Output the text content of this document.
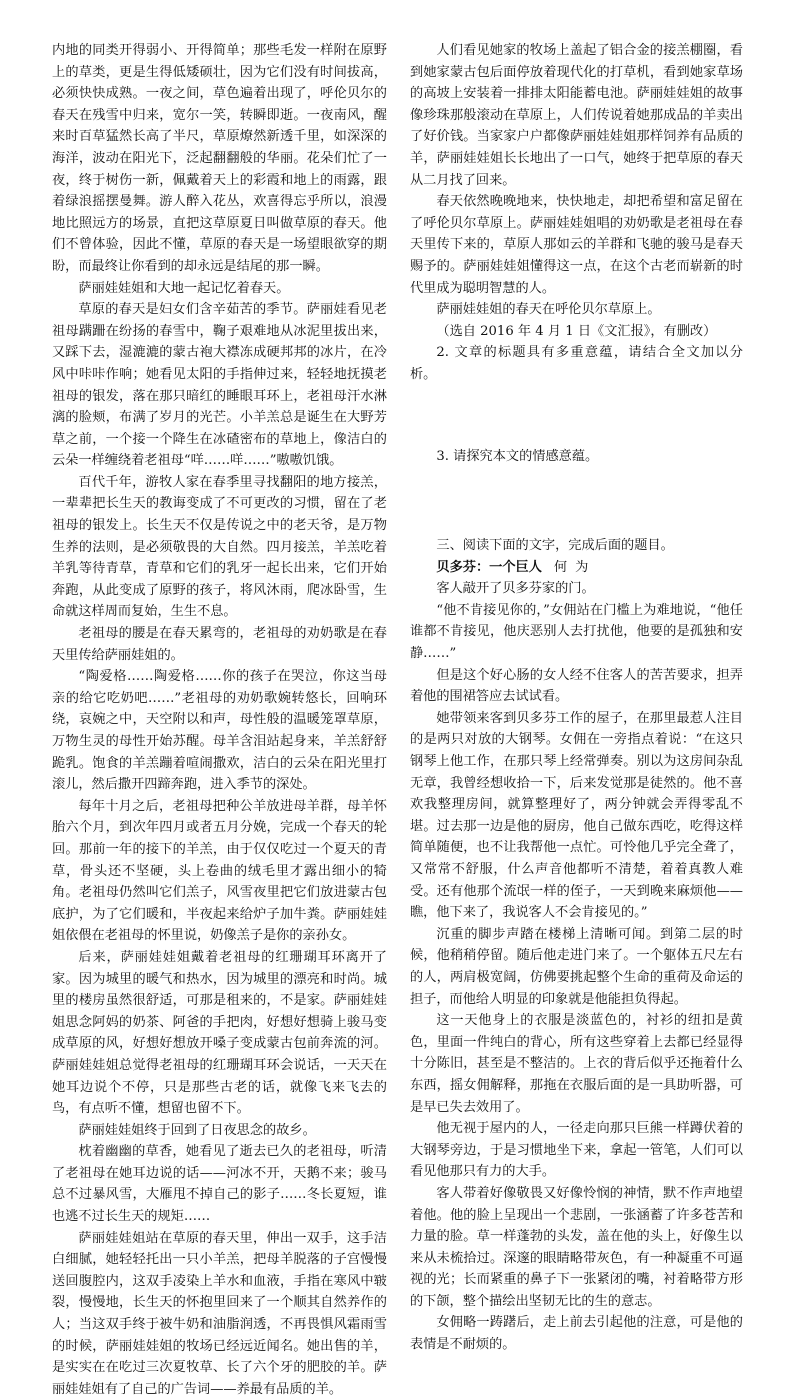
内地的同类开得弱小、开得简单；那些毛发一样附在原野上的草类，更是生得低矮硕壮，因为它们没有时间拔高，必须快快成熟。一夜之间，草色遍着出现了，呼伦贝尔的春天在残雪中归来，宽尔一笑，转瞬即逝。一夜南风，醒来时百草猛然长高了半尺，草原燎然新透千里，如深深的海洋，波动在阳光下，泛起翻翻般的华丽。花朵们忙了一夜，终于树伤一新，佩戴着天上的彩霞和地上的雨露，跟着绿浪摇摆曼舞。游人醉入花丛，欢喜得忘乎所以，浪漫地比照远方的场景，直把这草原夏日叫做草原的春天。他们不曾体验，因此不懂，草原的春天是一场望眼欲穿的期盼，而最终让你看到的却永远是结尾的那一瞬。

萨丽娃娃姐和大地一起记忆着春天。

草原的春天是妇女们含辛茹苦的季节。萨丽娃看见老祖母蹒跚在纷扬的春雪中，鞠子艰难地从冰泥里拔出来，又踩下去，湿漉漉的蒙古袍大襟冻成硬邦邦的冰片，在冷风中咔咔作响；她看见太阳的手指伸过来，轻轻地抚摸老祖母的银发，落在那只暗红的睡眼耳环上，老祖母汗水淋漓的脸颊，布满了岁月的光芒。小羊羔总是诞生在大野芳草之前，一个接一个降生在冰碴密布的草地上，像洁白的云朵一样缠绕着老祖母“咩……咩……”嗷嗷饥饿。

百代千年，游牧人家在春季里寻找翻阳的地方接羔，一辈辈把长生天的教诲变成了不可更改的习惯，留在了老祖母的银发上。长生天不仅是传说之中的老天爷，是万物生养的法则，是必须敬畏的大自然。四月接羔，羊羔吃着羊乳等待青草，青草和它们的乳牙一起长出来，它们开始奔跑，从此变成了原野的孩子，将风沐雨，爬冰卧雪，生命就这样周而复始，生生不息。

老祖母的腰是在春天累弯的，老祖母的劝奶歌是在春天里传给萨丽娃姐的。

“陶爱格……陶爱格……你的孩子在哭泣，你这当母亲的给它吃奶吧……”老祖母的劝奶歌婉转悠长，回响环绕，哀婉之中，天空附以和声，母性般的温暖笼罩草原，万物生灵的母性开始苏醒。母羊含泪站起身来，羊羔舒舒跪乳。饱食的羊羔蹦着喧闹撒欢，洁白的云朵在阳光里打滚儿，然后撒开四蹄奔跑，进入季节的深处。

每年十月之后，老祖母把种公羊放进母羊群，母羊怀胎六个月，到次年四月或者五月分娩，完成一个春天的轮回。那前一年的接下的羊羔，由于仅仅吃过一个夏天的青草，骨头还不坚硬，头上卷曲的绒毛里才露出细小的犄角。老祖母仍然叫它们羔子，风雪夜里把它们放进蒙古包底护，为了它们暖和，半夜起来给炉子加牛粪。萨丽娃娃姐依偎在老祖母的怀里说，奶像羔子是你的亲孙女。

后来，萨丽娃娃姐戴着老祖母的红珊瑚耳环离开了家。因为城里的暖气和热水，因为城里的漂亮和时尚。城里的楼房虽然很舒适，可那是租来的，不是家。萨丽娃娃姐思念阿妈的奶茶、阿爸的手把肉，好想好想骑上骏马变成草原的风，好想好想放开嗓子变成蒙古包前奔流的河。萨丽娃娃姐总觉得老祖母的红珊瑚耳环会说话，一天天在她耳边说个不停，只是那些古老的话，就像飞来飞去的鸟，有点听不懂，想留也留不下。

萨丽娃娃姐终于回到了日夜思念的故乡。

枕着幽幽的草香，她看见了逝去已久的老祖母，听清了老祖母在她耳边说的话——河冰不开，天鹅不来；骏马总不过暴风雪，大雁甩不掉自己的影子……冬长夏短，谁也逃不过长生天的规矩……

萨丽娃娃姐站在草原的春天里，伸出一双手，这手洁白细腻，她轻轻托出一只小羊羔，把母羊脱落的子宫慢慢送回腹腔内，这双手凌染上羊水和血液，手指在寒风中皲裂，慢慢地，长生天的怀抱里回来了一个顺其自然养作的人；当这双手终于被牛奶和油脂润透，不再畏惧风霜雨雪的时候，萨丽娃娃姐的牧场已经远近闻名。她出售的羊，是实实在在吃过三次夏牧草、长了六个牙的肥胶的羊。萨丽娃娃姐有了自己的广告词——养最有品质的羊。

人们看见她家的牧场上盖起了铝合金的接羔棚圈，看到她家蒙古包后面停放着现代化的打草机，看到她家草场的高坡上安装着一排排太阳能蓄电池。萨丽娃娃姐的故事像珍珠那般滚动在草原上，人们传说着她那成品的羊卖出了好价钱。当家家户户都像萨丽娃娃姐那样饲养有品质的羊，萨丽娃娃姐长长地出了一口气，她终于把草原的春天从二月找了回来。

春天依然晚晚地来，快快地走，却把希望和富足留在了呼伦贝尔草原上。萨丽娃娃姐唱的劝奶歌是老祖母在春天里传下来的，草原人那如云的羊群和飞驰的骏马是春天赐予的。萨丽娃娃姐懂得这一点，在这个古老而崭新的时代里成为聪明智慧的人。

萨丽娃娃姐的春天在呼伦贝尔草原上。

（选自 2016 年 4 月 1 日《文汇报》，有删改）

2. 文章的标题具有多重意蕴，请结合全文加以分析。

3. 请探究本文的情感意蕴。

三、阅读下面的文字，完成后面的题目。

贝多芬：一个巨人 何为

客人敲开了贝多芬家的门。

“他不肯接见你的，”女佣站在门槛上为难地说，“他任谁都不肯接见，他庆恶别人去打扰他，他要的是孤独和安静……”

但是这个好心肠的女人经不住客人的苦苦要求，担弄着他的围裙答应去试试看。

她带领来客到贝多芬工作的屋子，在那里最惹人注目的是两只对放的大钢琴。女佣在一旁指点着说：“在这只钢琴上他工作，在那只琴上经常弹奏。别以为这房间杂乱无章，我曾经想收拾一下，后来发觉那是徒然的。他不喜欢我整理房间，就算整理好了，两分钟就会弄得零乱不堪。过去那一边是他的厨房，他自己做东西吃，吃得这样简单随便，也不让我帮他一点忙。可怜他几乎完全聋了，又常常不舒服，什么声音他都听不清楚，着着真教人难受。还有他那个流氓一样的侄子，一天到晚来麻烦他——瞧，他下来了，我说客人不会肯接见的。”

沉重的脚步声踏在楼梯上清晰可闻。到第二层的时候，他稍稍停留。随后他走进门来了。一个躯体五尺左右的人，两肩极宽阔，仿佛要挑起整个生命的重荷及命运的担子，而他给人明显的印象就是他能担负得起。

这一天他身上的衣服是淡蓝色的，衬衫的纽扣是黄色，里面一件纯白的背心，所有这些穿着上去都已经显得十分陈旧，甚至是不整洁的。上衣的背后似乎还拖着什么东西，摇女佣解释，那拖在衣服后面的是一具助听器，可是早已失去效用了。

他无视于屋内的人，一径走向那只巨熊一样蹲伏着的大钢琴旁边，于是习惯地坐下来，拿起一管笔，人们可以看见他那只有力的大手。

客人带着好像敬畏又好像怜悯的神情，默不作声地望着他。他的脸上呈现出一个悲剧，一张涵蓄了许多苍苦和力量的脸。草一样蓬勃的头发，盖在他的头上，好像生以来从未梳拾过。深邃的眼睛略带灰色，有一种凝重不可逼视的光；长而紧重的鼻子下一张紧闭的嘴，衬着略带方形的下颌，整个描绘出坚韧无比的生的意志。

女佣略一踌躇后，走上前去引起他的注意，可是他的表情是不耐烦的。
